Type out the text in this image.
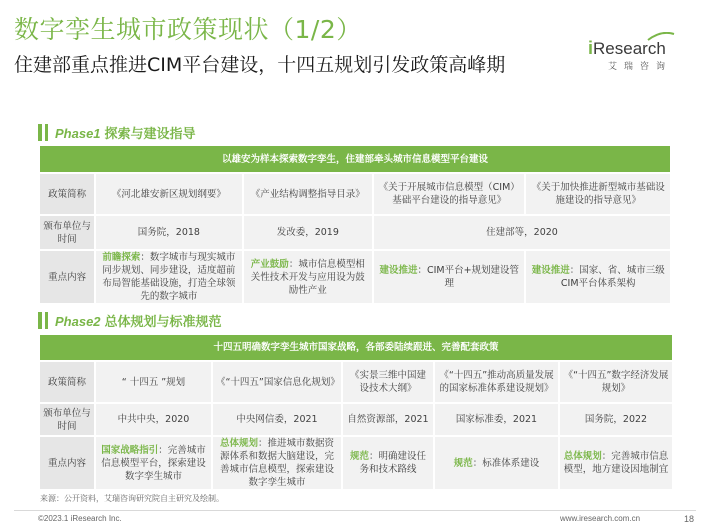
数字孪生城市政策现状（1/2）
住建部重点推进CIM平台建设，十四五规划引发政策高峰期
iResearch
艾瑞咨询
Phase1 探索与建设指导
以雄安为样本探索数字孪生，住建部牵头城市信息模型平台建设				
政策简称	《河北雄安新区规划纲要》	《产业结构调整指导目录》	《关于开展城市信息模型（CIM）基础平台建设的指导意见》	《关于加快推进新型城市基础设施建设的指导意见》
颁布单位与时间	国务院，2018	发改委，2019	住建部等，2020	
重点内容	前瞻探索：数字城市与现实城市同步规划、同步建设，适度超前布局智能基础设施，打造全球领先的数字城市	产业鼓励：城市信息模型相关性技术开发与应用设为鼓励性产业	建设推进：CIM平台+规划建设管理	建设推进：国家、省、城市三级CIM平台体系架构
Phase2 总体规划与标准规范
十四五明确数字孪生城市国家战略，各部委陆续跟进、完善配套政策					
政策简称	“ 十四五 ”规划	《“十四五”国家信息化规划》	《实景三维中国建设技术大纲》	《“十四五”推动高质量发展的国家标准体系建设规划》	《“十四五”数字经济发展规划》
颁布单位与时间	中共中央，2020	中央网信委，2021	自然资源部，2021	国家标准委，2021	国务院，2022
重点内容	国家战略指引：完善城市信息模型平台，探索建设数字孪生城市	总体规划：推进城市数据资源体系和数据大脑建设，完善城市信息模型，探索建设数字孪生城市	规范：明确建设任务和技术路线	规范：标准体系建设	总体规划：完善城市信息模型，地方建设因地制宜
来源：公开资料，艾瑞咨询研究院自主研究及绘制。
©2023.1 iResearch Inc.	www.iresearch.com.cn	18
